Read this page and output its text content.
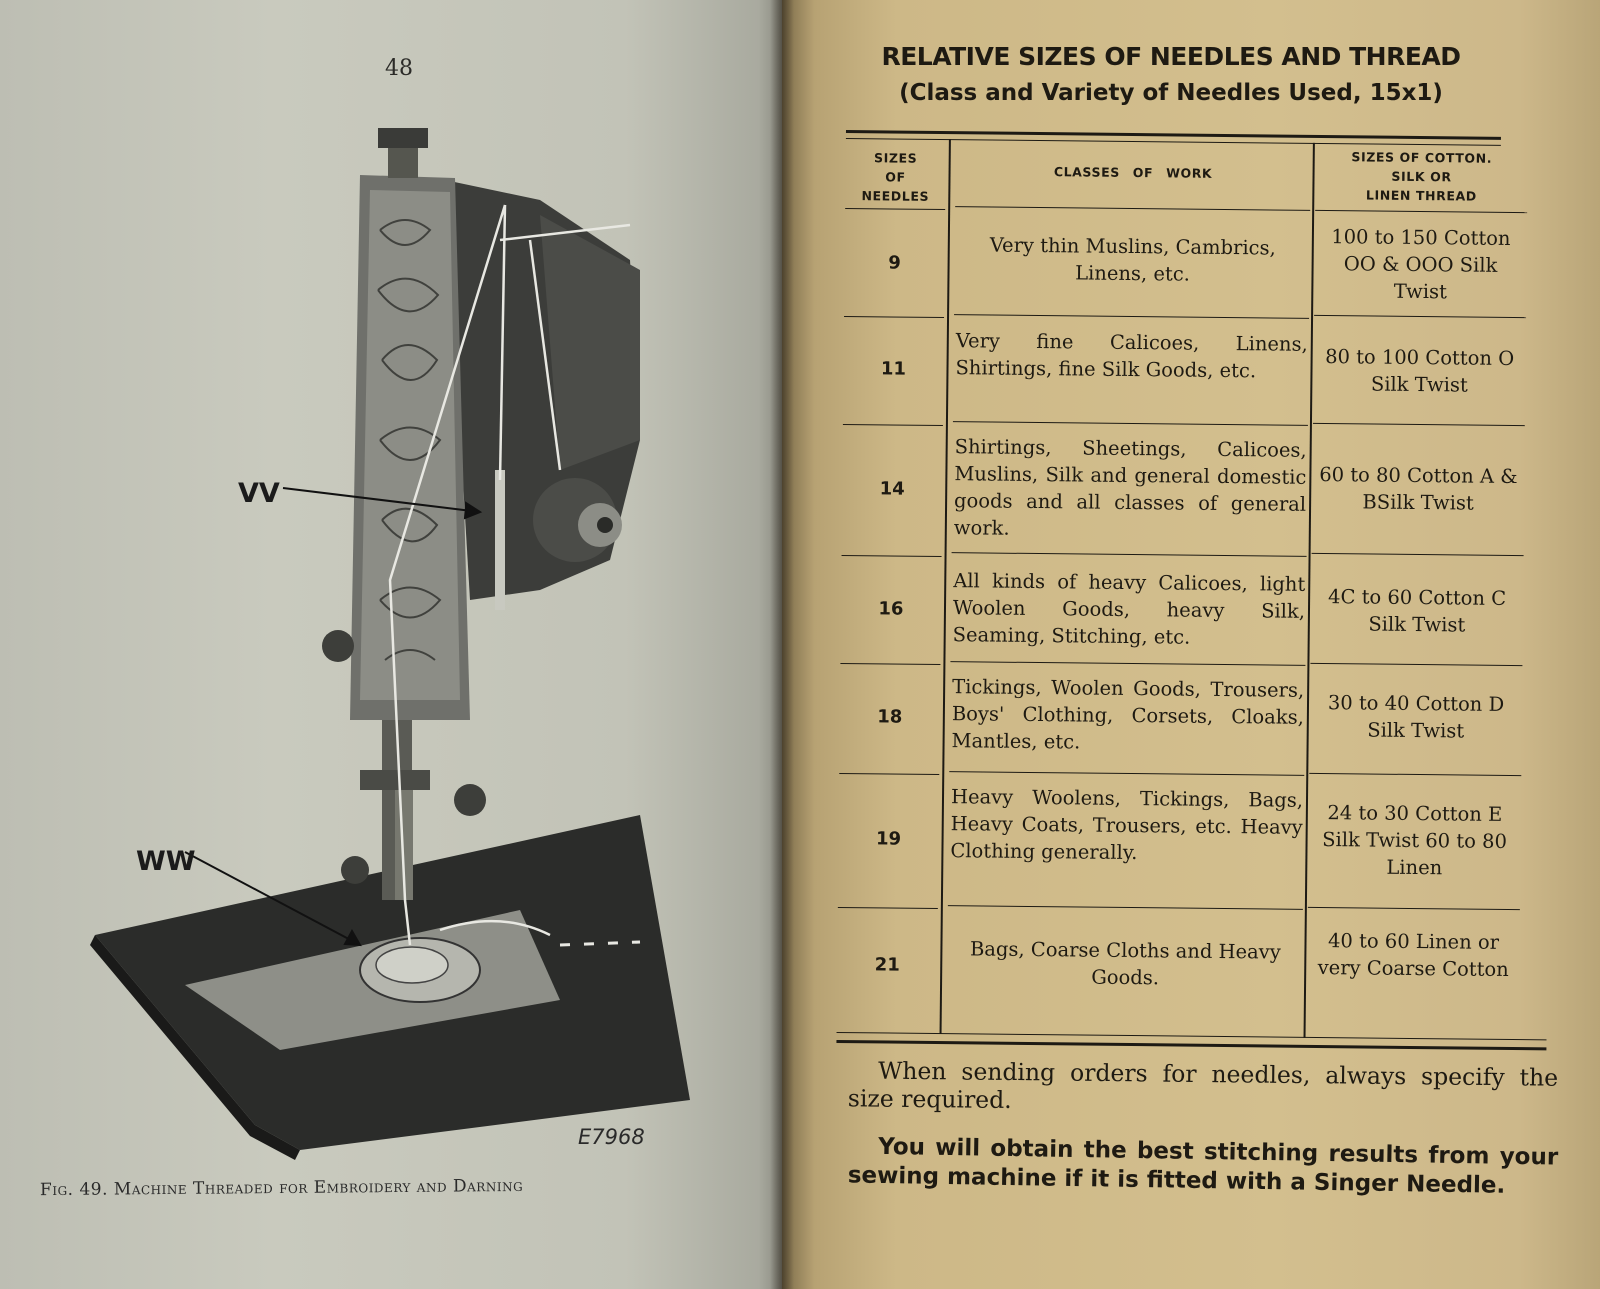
48
VV
WW
E7968
Fig. 49. Machine Threaded for Embroidery and Darning
RELATIVE SIZES OF NEEDLES AND THREAD
(Class and Variety of Needles Used, 15x1)
SIZES
OF
NEEDLES
CLASSES OF WORK
SIZES OF COTTON.
SILK OR
LINEN THREAD
9
Very thin Muslins, Cambrics, Linens, etc.
100 to 150 Cotton OO & OOO Silk Twist
11
Very fine Calicoes, Linens, Shirtings, fine Silk Goods, etc.	80 to 100 Cotton O Silk Twist
14
Shirtings, Sheetings, Calicoes, Muslins, Silk and general domestic goods and all classes of general work.
60 to 80 Cotton A & BSilk Twist
16
All kinds of heavy Calicoes, light Woolen Goods, heavy Silk, Seaming, Stitching, etc.
4C to 60 Cotton C Silk Twist
18
Tickings, Woolen Goods, Trousers, Boys' Clothing, Corsets, Cloaks, Mantles, etc.
30 to 40 Cotton D Silk Twist
19
Heavy Woolens, Tickings, Bags, Heavy Coats, Trousers, etc. Heavy Clothing generally.
24 to 30 Cotton E Silk Twist 60 to 80 Linen
21
Bags, Coarse Cloths and Heavy Goods.
40 to 60 Linen or very Coarse Cotton
When sending orders for needles, always specify the size required.
You will obtain the best stitching results from your sewing machine if it is fitted with a Singer Needle.
